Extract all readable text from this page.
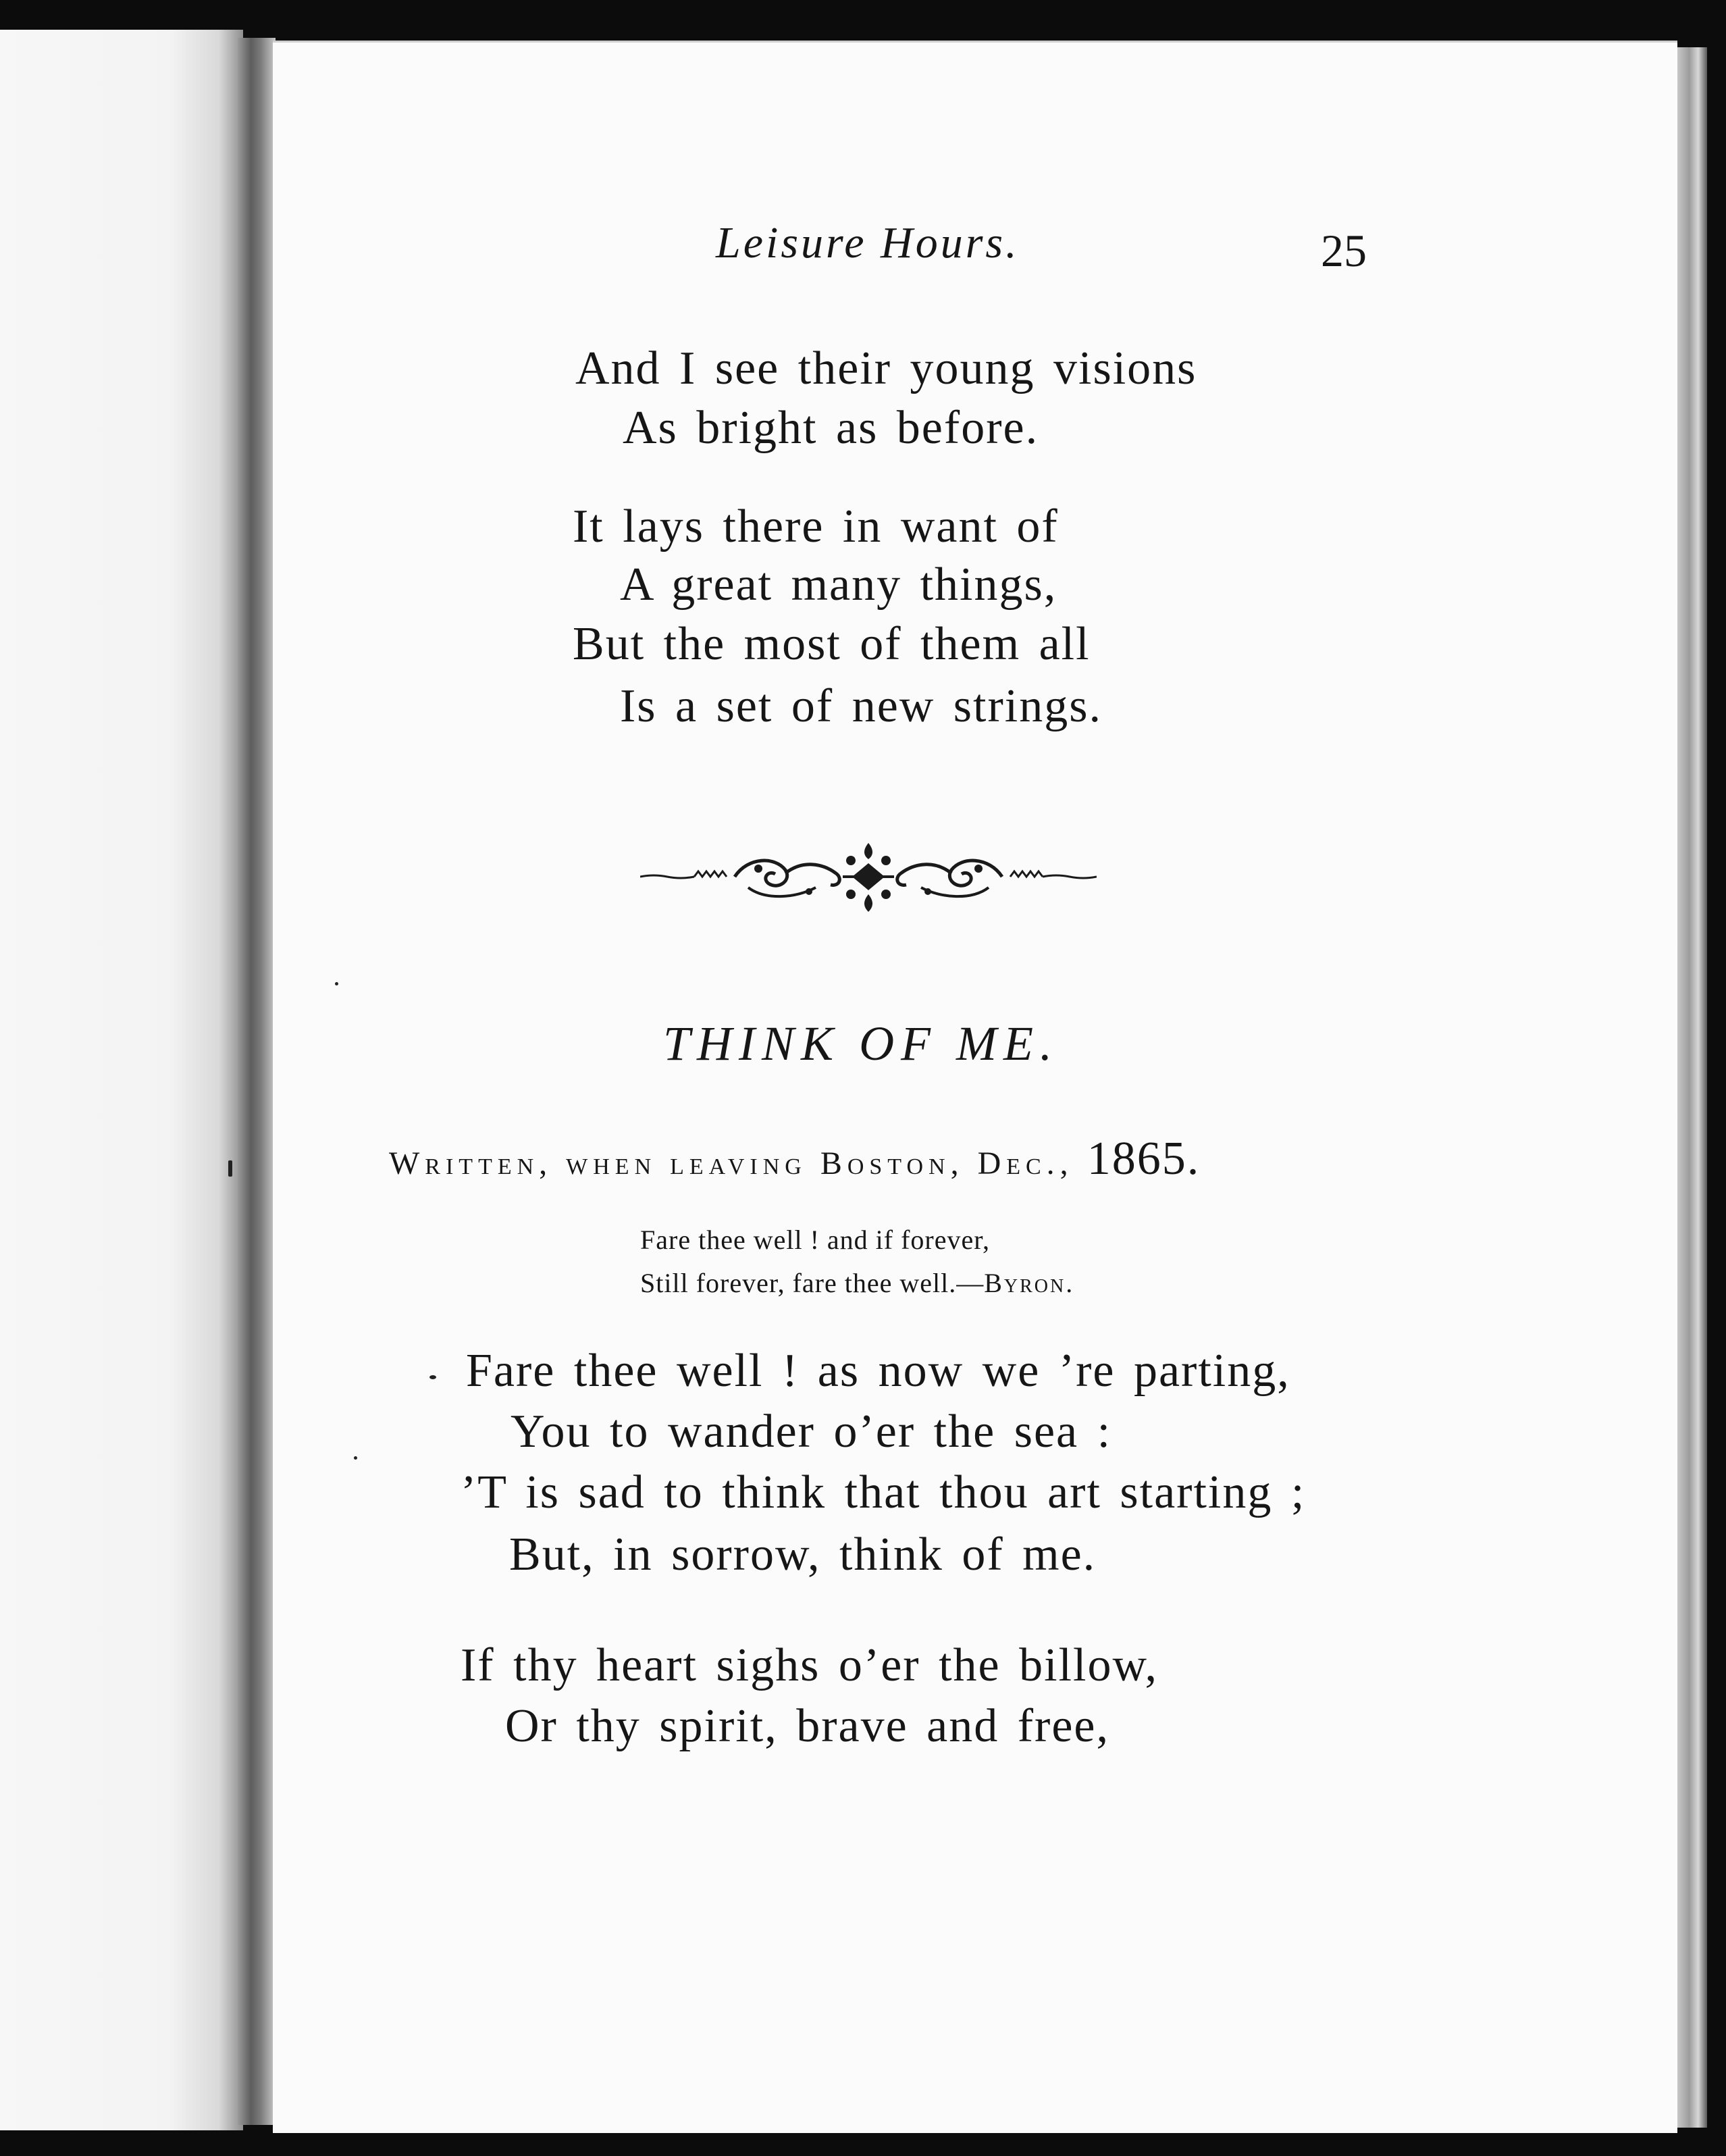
Leisure Hours.	25
And I see their young visions
As bright as before.
It lays there in want of
A great many things,
But the most of them all
Is a set of new strings.
THINK OF ME.
Written, when leaving Boston, Dec., 1865.
Fare thee well ! and if forever,
Still forever, fare thee well.—Byron.
Fare thee well ! as now we ’re parting,
You to wander o’er the sea :
’T is sad to think that thou art starting ;
But, in sorrow, think of me.
If thy heart sighs o’er the billow,
Or thy spirit, brave and free,
